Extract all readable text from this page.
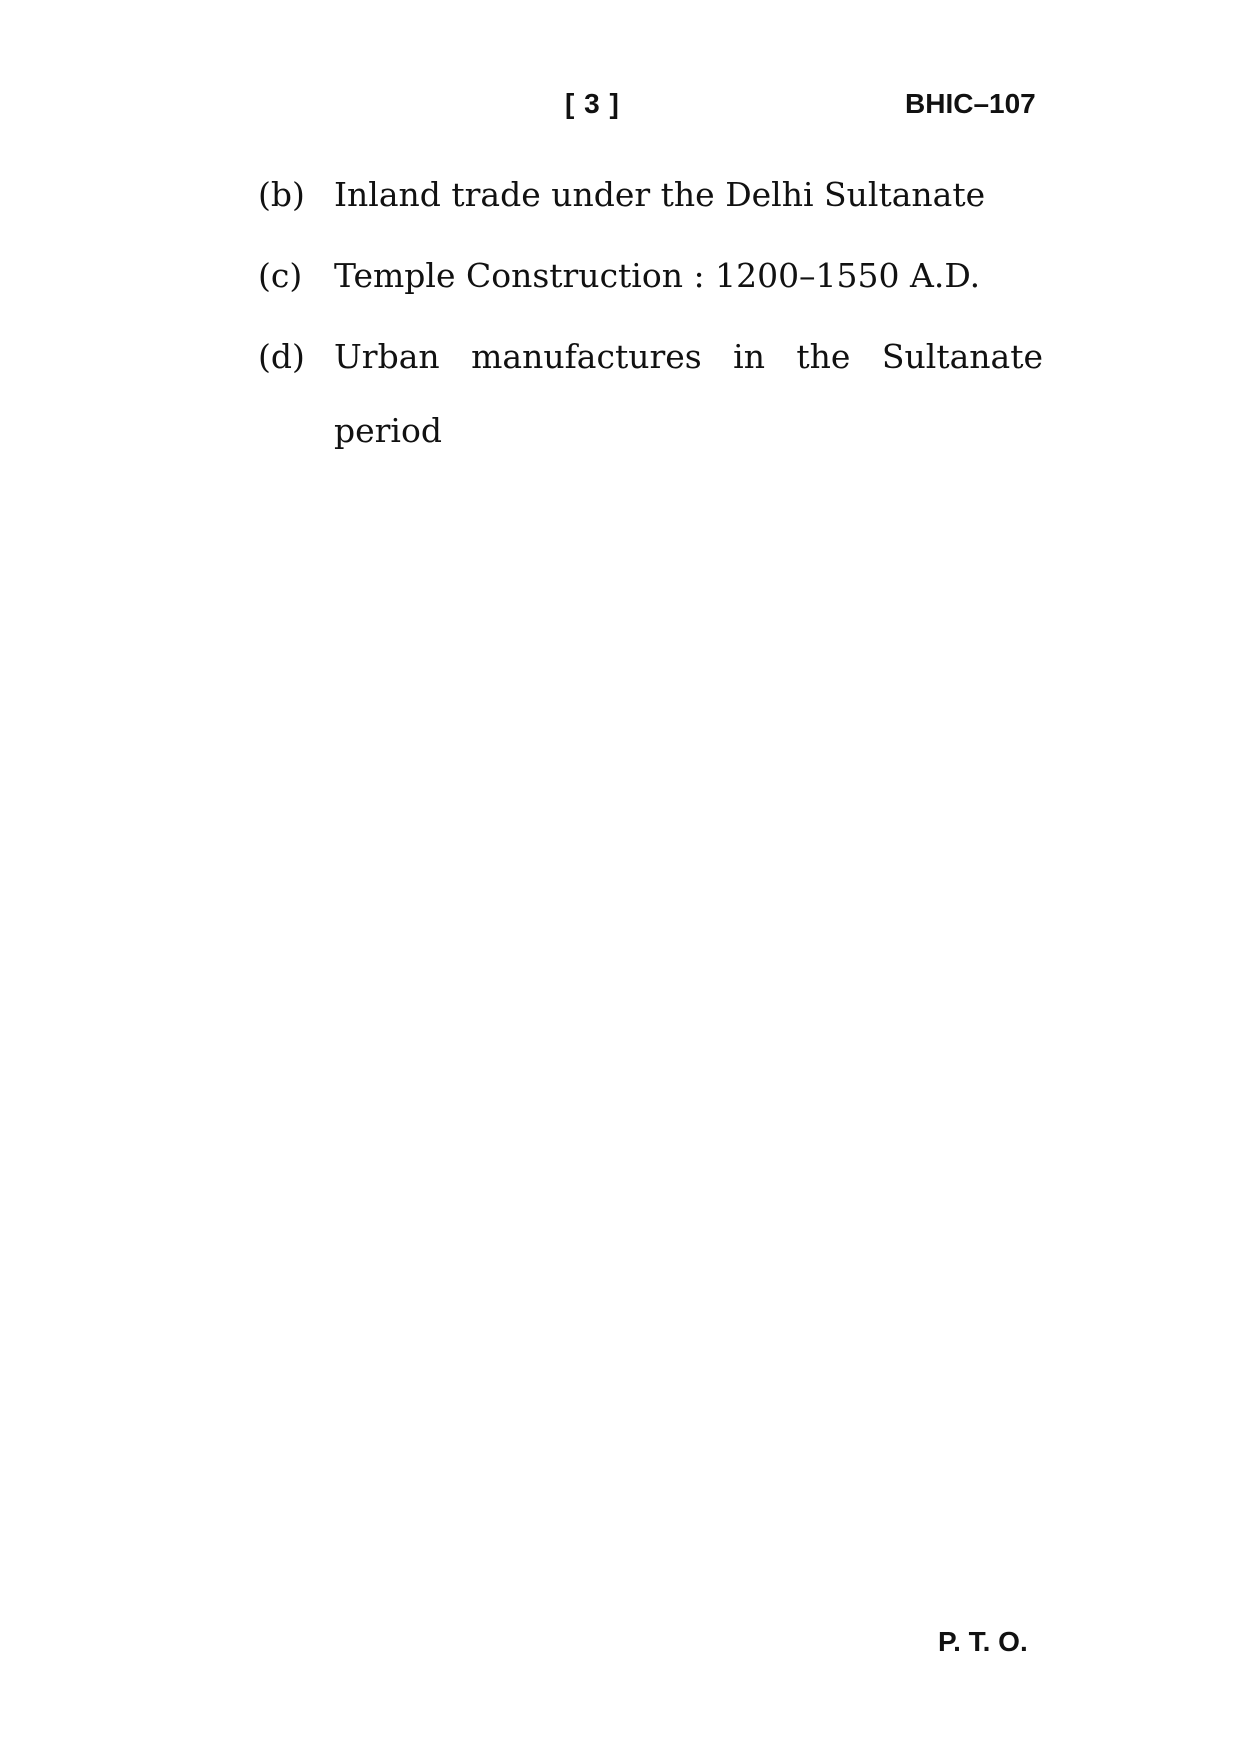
[ 3 ]	BHIC–107
(b) Inland trade under the Delhi Sultanate
(c) Temple Construction : 1200–1550 A.D.
(d) Urban manufactures in the Sultanate
period
P. T. O.
